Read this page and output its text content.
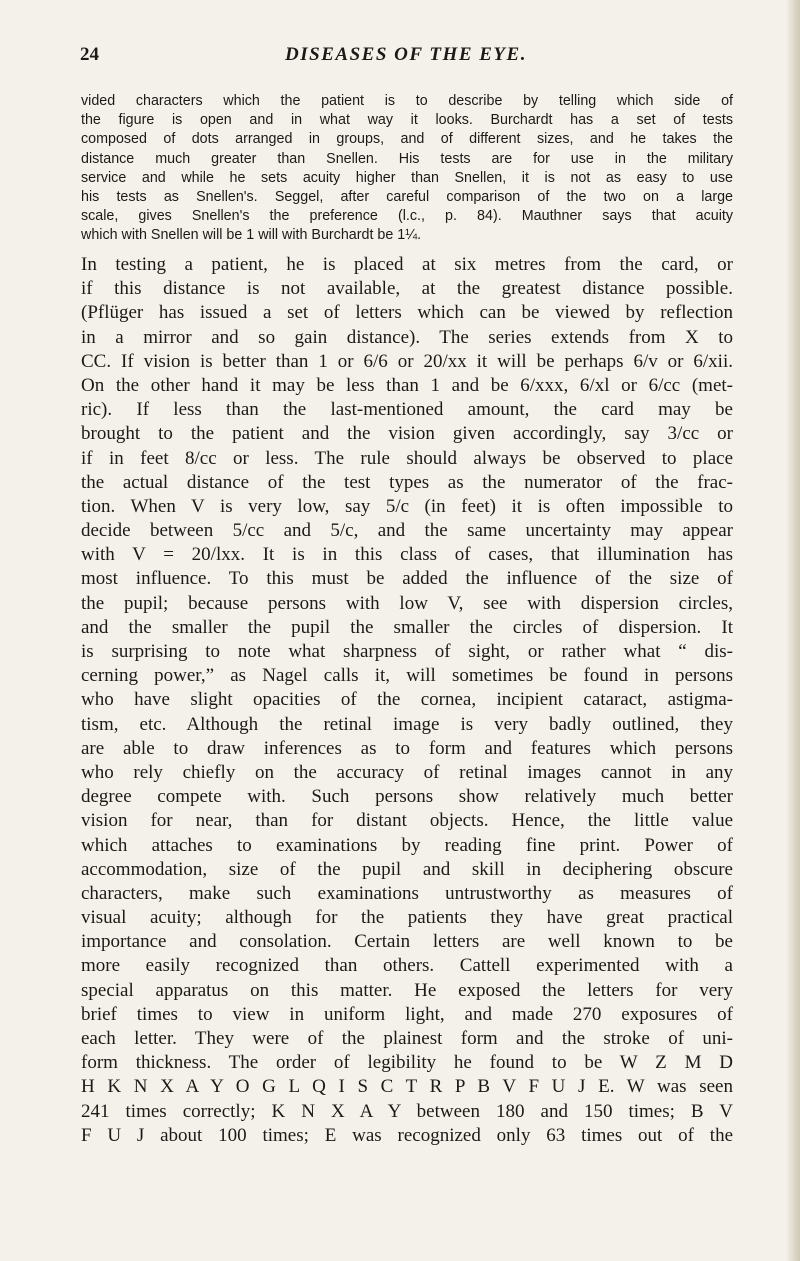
24	DISEASES OF THE EYE.
vided characters which the patient is to describe by telling which side of
the figure is open and in what way it looks. Burchardt has a set of tests
composed of dots arranged in groups, and of different sizes, and he takes the
distance much greater than Snellen. His tests are for use in the military
service and while he sets acuity higher than Snellen, it is not as easy to use
his tests as Snellen's. Seggel, after careful comparison of the two on a large
scale, gives Snellen's the preference (l.c., p. 84). Mauthner says that acuity
which with Snellen will be 1 will with Burchardt be 1¼.
In testing a patient, he is placed at six metres from the card, or
if this distance is not available, at the greatest distance possible.
(Pflüger has issued a set of letters which can be viewed by reflection
in a mirror and so gain distance). The series extends from X to
CC. If vision is better than 1 or 6/6 or 20/xx it will be perhaps 6/v or 6/xii.
On the other hand it may be less than 1 and be 6/xxx, 6/xl or 6/cc (met-
ric). If less than the last-mentioned amount, the card may be
brought to the patient and the vision given accordingly, say 3/cc or
if in feet 8/cc or less. The rule should always be observed to place
the actual distance of the test types as the numerator of the frac-
tion. When V is very low, say 5/c (in feet) it is often impossible to
decide between 5/cc and 5/c, and the same uncertainty may appear
with V = 20/lxx. It is in this class of cases, that illumination has
most influence. To this must be added the influence of the size of
the pupil; because persons with low V, see with dispersion circles,
and the smaller the pupil the smaller the circles of dispersion. It
is surprising to note what sharpness of sight, or rather what “ dis-
cerning power,” as Nagel calls it, will sometimes be found in persons
who have slight opacities of the cornea, incipient cataract, astigma-
tism, etc. Although the retinal image is very badly outlined, they
are able to draw inferences as to form and features which persons
who rely chiefly on the accuracy of retinal images cannot in any
degree compete with. Such persons show relatively much better
vision for near, than for distant objects. Hence, the little value
which attaches to examinations by reading fine print. Power of
accommodation, size of the pupil and skill in deciphering obscure
characters, make such examinations untrustworthy as measures of
visual acuity; although for the patients they have great practical
importance and consolation. Certain letters are well known to be
more easily recognized than others. Cattell experimented with a
special apparatus on this matter. He exposed the letters for very
brief times to view in uniform light, and made 270 exposures of
each letter. They were of the plainest form and the stroke of uni-
form thickness. The order of legibility he found to be W Z M D
H K N X A Y O G L Q I S C T R P B V F U J E. W was seen
241 times correctly; K N X A Y between 180 and 150 times; B V
F U J about 100 times; E was recognized only 63 times out of the
